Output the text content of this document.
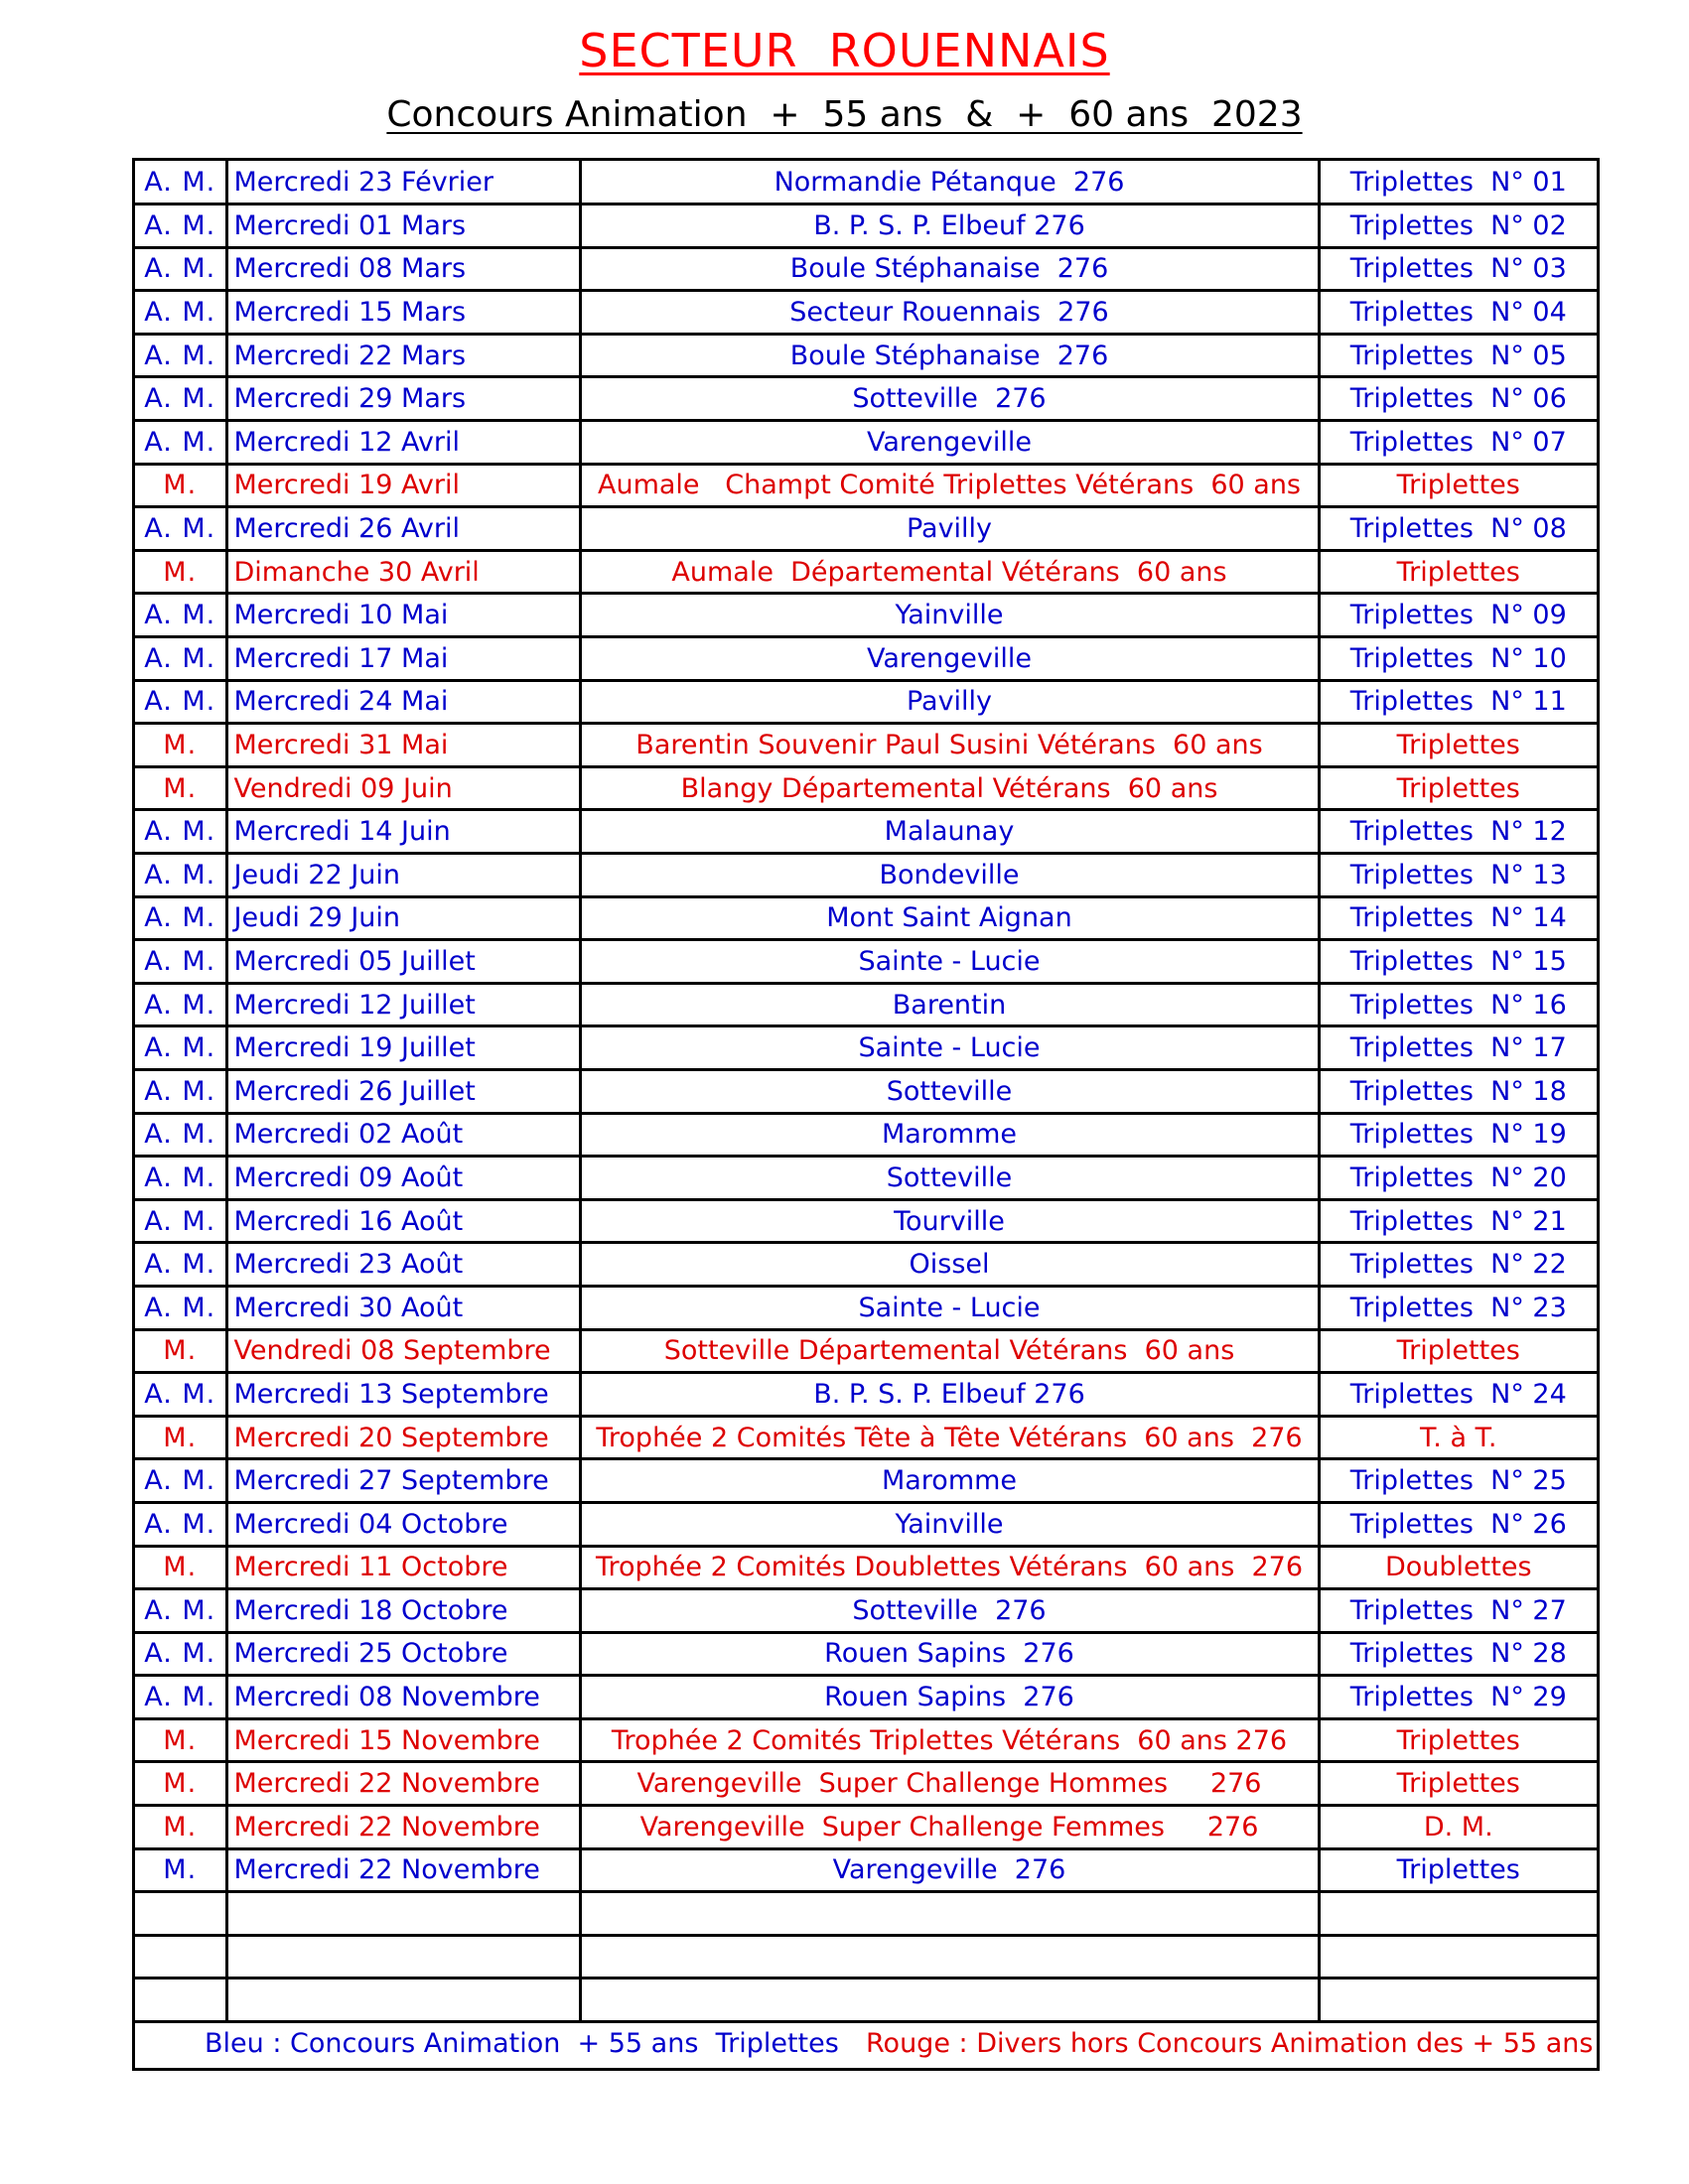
SECTEUR  ROUENNAIS
Concours Animation  +  55 ans  &  +  60 ans  2023
A. M.	Mercredi 23 Février	Normandie Pétanque  276	Triplettes  N° 01
A. M.	Mercredi 01 Mars	B. P. S. P. Elbeuf 276	Triplettes  N° 02
A. M.	Mercredi 08 Mars	Boule Stéphanaise  276	Triplettes  N° 03
A. M.	Mercredi 15 Mars	Secteur Rouennais  276	Triplettes  N° 04
A. M.	Mercredi 22 Mars	Boule Stéphanaise  276	Triplettes  N° 05
A. M.	Mercredi 29 Mars	Sotteville  276	Triplettes  N° 06
A. M.	Mercredi 12 Avril	Varengeville	Triplettes  N° 07
M.	Mercredi 19 Avril	Aumale   Champt Comité Triplettes Vétérans  60 ans	Triplettes
A. M.	Mercredi 26 Avril	Pavilly	Triplettes  N° 08
M.	Dimanche 30 Avril	Aumale  Départemental Vétérans  60 ans	Triplettes
A. M.	Mercredi 10 Mai	Yainville	Triplettes  N° 09
A. M.	Mercredi 17 Mai	Varengeville	Triplettes  N° 10
A. M.	Mercredi 24 Mai	Pavilly	Triplettes  N° 11
M.	Mercredi 31 Mai	Barentin Souvenir Paul Susini Vétérans  60 ans	Triplettes
M.	Vendredi 09 Juin	Blangy Départemental Vétérans  60 ans	Triplettes
A. M.	Mercredi 14 Juin	Malaunay	Triplettes  N° 12
A. M.	Jeudi 22 Juin	Bondeville	Triplettes  N° 13
A. M.	Jeudi 29 Juin	Mont Saint Aignan	Triplettes  N° 14
A. M.	Mercredi 05 Juillet	Sainte - Lucie	Triplettes  N° 15
A. M.	Mercredi 12 Juillet	Barentin	Triplettes  N° 16
A. M.	Mercredi 19 Juillet	Sainte - Lucie	Triplettes  N° 17
A. M.	Mercredi 26 Juillet	Sotteville	Triplettes  N° 18
A. M.	Mercredi 02 Août	Maromme	Triplettes  N° 19
A. M.	Mercredi 09 Août	Sotteville	Triplettes  N° 20
A. M.	Mercredi 16 Août	Tourville	Triplettes  N° 21
A. M.	Mercredi 23 Août	Oissel	Triplettes  N° 22
A. M.	Mercredi 30 Août	Sainte - Lucie	Triplettes  N° 23
M.	Vendredi 08 Septembre	Sotteville Départemental Vétérans  60 ans	Triplettes
A. M.	Mercredi 13 Septembre	B. P. S. P. Elbeuf 276	Triplettes  N° 24
M.	Mercredi 20 Septembre	Trophée 2 Comités Tête à Tête Vétérans  60 ans  276	T. à T.
A. M.	Mercredi 27 Septembre	Maromme	Triplettes  N° 25
A. M.	Mercredi 04 Octobre	Yainville	Triplettes  N° 26
M.	Mercredi 11 Octobre	Trophée 2 Comités Doublettes Vétérans  60 ans  276	Doublettes
A. M.	Mercredi 18 Octobre	Sotteville  276	Triplettes  N° 27
A. M.	Mercredi 25 Octobre	Rouen Sapins  276	Triplettes  N° 28
A. M.	Mercredi 08 Novembre	Rouen Sapins  276	Triplettes  N° 29
M.	Mercredi 15 Novembre	Trophée 2 Comités Triplettes Vétérans  60 ans 276	Triplettes
M.	Mercredi 22 Novembre	Varengeville  Super Challenge Hommes     276	Triplettes
M.	Mercredi 22 Novembre	Varengeville  Super Challenge Femmes     276	D. M.
M.	Mercredi 22 Novembre	Varengeville  276	Triplettes

Bleu : Concours Animation  + 55 ans  Triplettes Rouge : Divers hors Concours Animation des + 55 ans
